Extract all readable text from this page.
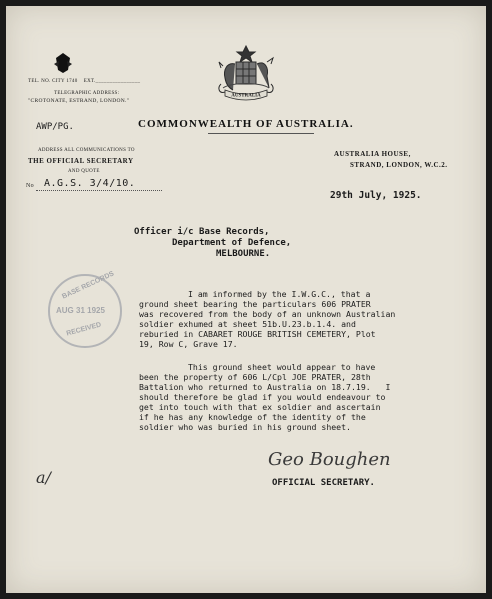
TEL. NO. CITY 1740 EXT.________________
TELEGRAPHIC ADDRESS:
"CROTONATE, ESTRAND, LONDON."
AUSTRALIA
AWP/PG.	COMMONWEALTH OF AUSTRALIA.
ADDRESS ALL COMMUNICATIONS TO
THE OFFICIAL SECRETARY
AND QUOTE
No A.G.S. 3/4/10.
AUSTRALIA HOUSE,
STRAND, LONDON, W.C.2.
29th July, 1925.
Officer i/c Base Records,
Department of Defence,
MELBOURNE.
BASE RECORDS
AUG 31 1925
RECEIVED
I am informed by the I.W.G.C., that a
ground sheet bearing the particulars 606 PRATER
was recovered from the body of an unknown Australian
soldier exhumed at sheet 51b.U.23.b.1.4. and
reburied in CABARET ROUGE BRITISH CEMETERY, Plot
19, Row C, Grave 17.
This ground sheet would appear to have
been the property of 606 L/Cpl JOE PRATER, 28th
Battalion who returned to Australia on 18.7.19.   I
should therefore be glad if you would endeavour to
get into touch with that ex soldier and ascertain
if he has any knowledge of the identity of the
soldier who was buried in his ground sheet.
Geo Boughen
OFFICIAL SECRETARY.
a/
